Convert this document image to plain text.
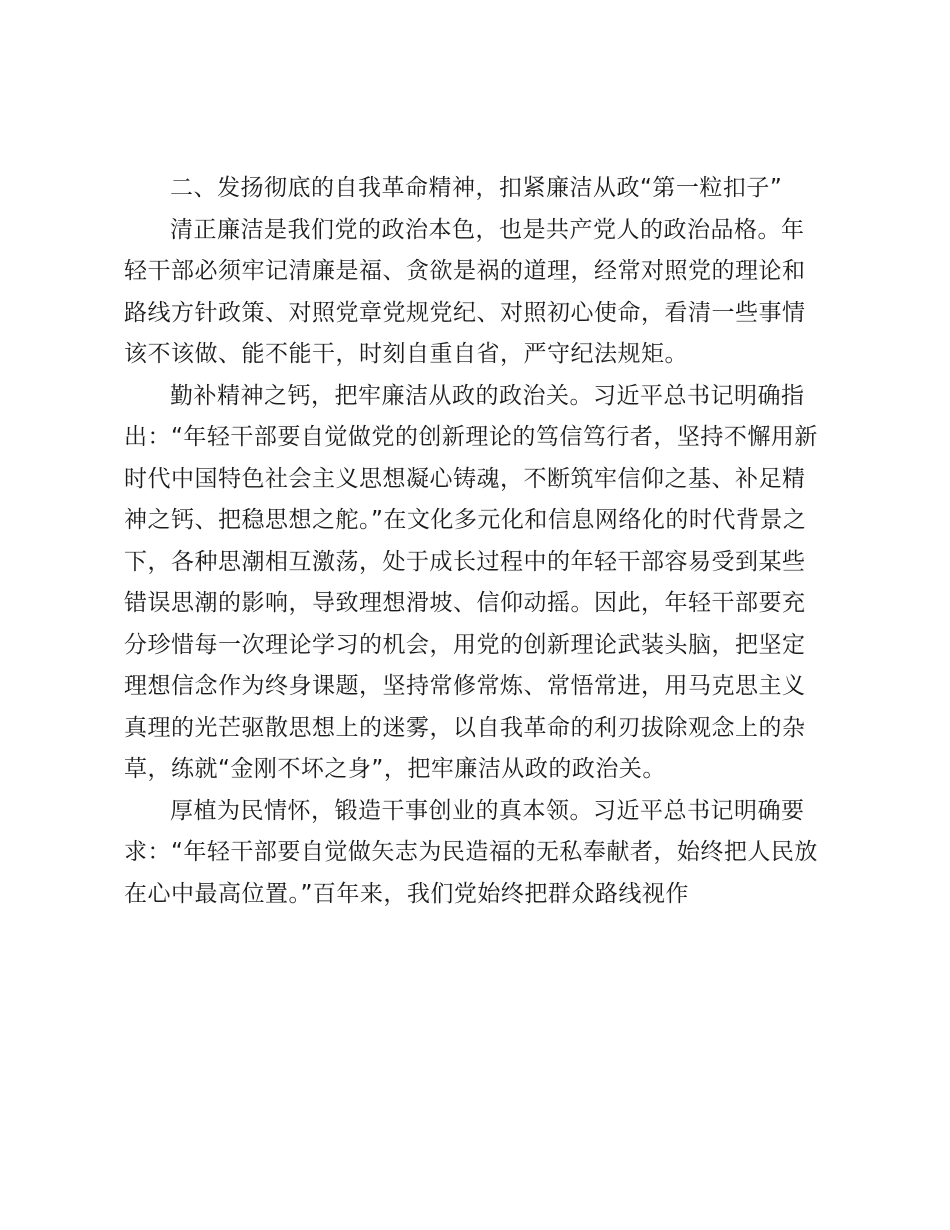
二、发扬彻底的自我革命精神，扣紧廉洁从政“第一粒扣子”

清正廉洁是我们党的政治本色，也是共产党人的政治品格。年轻干部必须牢记清廉是福、贪欲是祸的道理，经常对照党的理论和路线方针政策、对照党章党规党纪、对照初心使命，看清一些事情该不该做、能不能干，时刻自重自省，严守纪法规矩。

勤补精神之钙，把牢廉洁从政的政治关。习近平总书记明确指出：“年轻干部要自觉做党的创新理论的笃信笃行者，坚持不懈用新时代中国特色社会主义思想凝心铸魂，不断筑牢信仰之基、补足精神之钙、把稳思想之舵。”在文化多元化和信息网络化的时代背景之下，各种思潮相互激荡，处于成长过程中的年轻干部容易受到某些错误思潮的影响，导致理想滑坡、信仰动摇。因此，年轻干部要充分珍惜每一次理论学习的机会，用党的创新理论武装头脑，把坚定理想信念作为终身课题，坚持常修常炼、常悟常进，用马克思主义真理的光芒驱散思想上的迷雾，以自我革命的利刃拔除观念上的杂草，练就“金刚不坏之身”，把牢廉洁从政的政治关。

厚植为民情怀，锻造干事创业的真本领。习近平总书记明确要求：“年轻干部要自觉做矢志为民造福的无私奉献者，始终把人民放在心中最高位置。”百年来，我们党始终把群众路线视作
